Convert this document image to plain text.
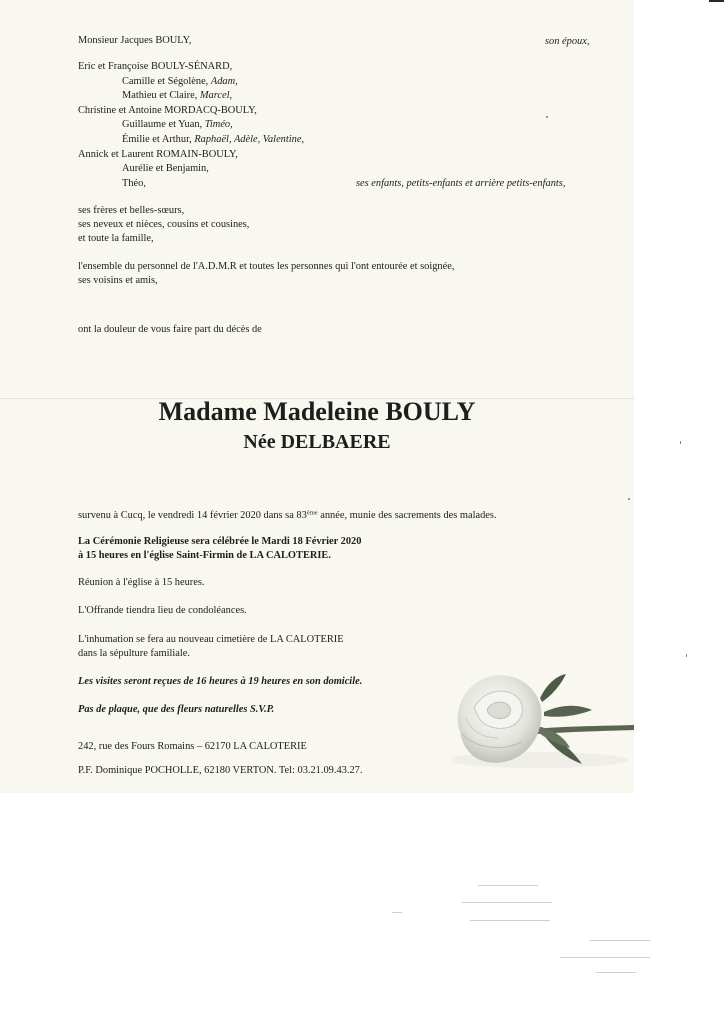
Monsieur Jacques BOULY,	son époux,
Eric et Françoise BOULY-SÉNARD,
Camille et Ségolène, Adam,
Mathieu et Claire, Marcel,
Christine et Antoine MORDACQ-BOULY,
Guillaume et Yuan, Timéo,
Émilie et Arthur, Raphaël, Adèle, Valentine,
Annick et Laurent ROMAIN-BOULY,
Aurélie et Benjamin,
Théo,	ses enfants, petits-enfants et arrière petits-enfants,
ses frères et belles-sœurs,
ses neveux et nièces, cousins et cousines,
et toute la famille,
l'ensemble du personnel de l'A.D.M.R et toutes les personnes qui l'ont entourée et soignée,
ses voisins et amis,
ont la douleur de vous faire part du décès de
Madame Madeleine BOULY
Née DELBAERE
survenu à Cucq, le vendredi 14 février 2020 dans sa 83ème année, munie des sacrements des malades.
La Cérémonie Religieuse sera célébrée le Mardi 18 Février 2020
à 15 heures en l'église Saint-Firmin de LA CALOTERIE.
Réunion à l'église à 15 heures.
L'Offrande tiendra lieu de condoléances.
L'inhumation se fera au nouveau cimetière de LA CALOTERIE
dans la sépulture familiale.
Les visites seront reçues de 16 heures à 19 heures en son domicile.
Pas de plaque, que des fleurs naturelles S.V.P.
242, rue des Fours Romains – 62170 LA CALOTERIE
P.F. Dominique POCHOLLE, 62180 VERTON. Tel: 03.21.09.43.27.
